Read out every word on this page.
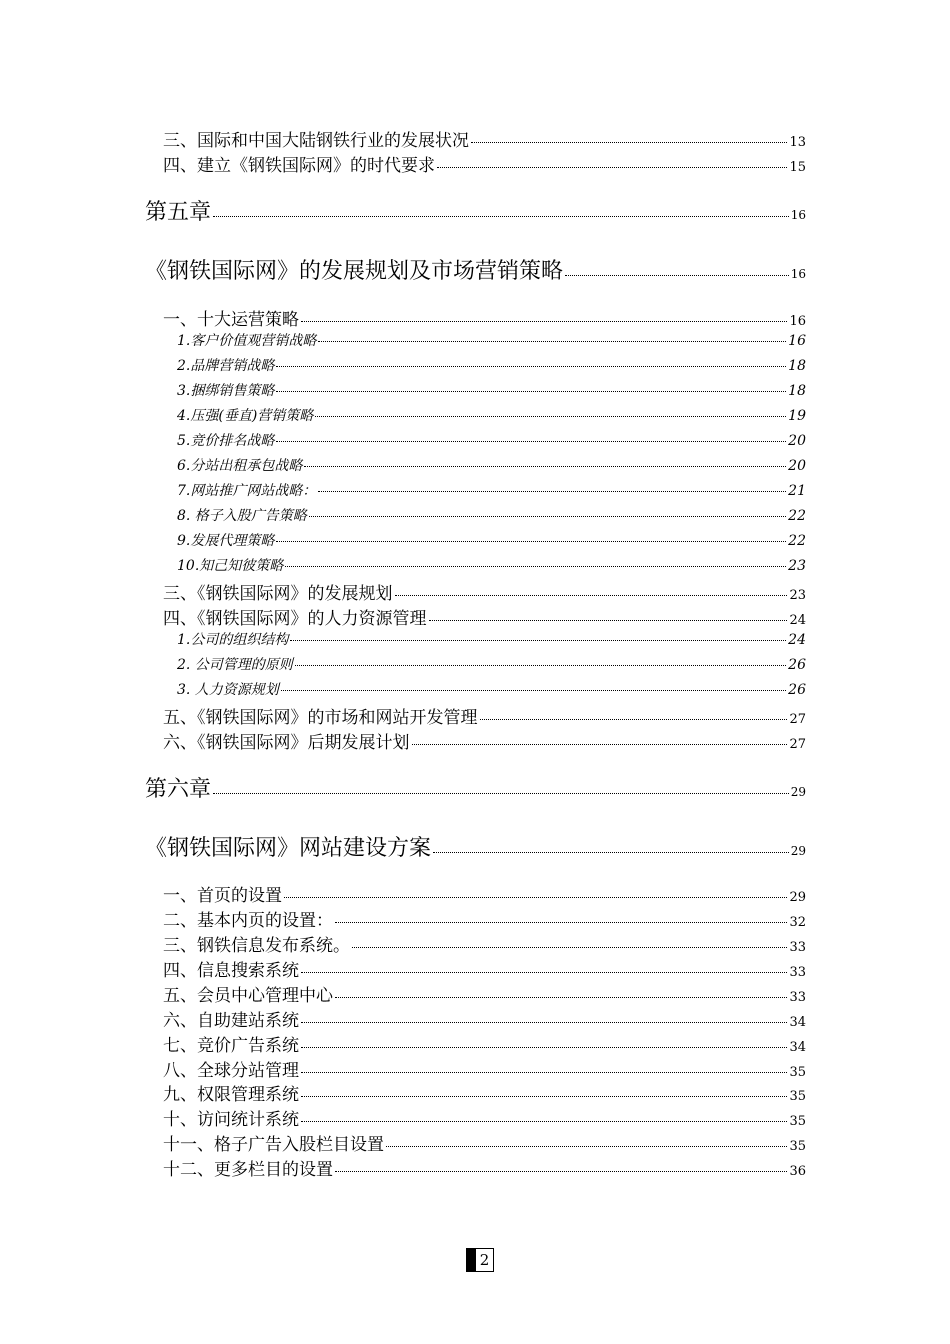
三、国际和中国大陆钢铁行业的发展状况	13
四、建立《钢铁国际网》的时代要求	15
第五章	16
《钢铁国际网》的发展规划及市场营销策略	16
一、十大运营策略	16
1.客户价值观营销战略	16
2.品牌营销战略	18
3.捆绑销售策略	18
4.压强(垂直)营销策略	19
5.竞价排名战略	20
6.分站出租承包战略	20
7.网站推广网站战略：	21
8. 格子入股广告策略	22
9.发展代理策略	22
10.知己知彼策略	23
三、《钢铁国际网》的发展规划	23
四、《钢铁国际网》的人力资源管理	24
1.公司的组织结构	24
2. 公司管理的原则	26
3. 人力资源规划	26
五、《钢铁国际网》的市场和网站开发管理	27
六、《钢铁国际网》后期发展计划	27
第六章	29
《钢铁国际网》网站建设方案	29
一、首页的设置	29
二、基本内页的设置：	32
三、钢铁信息发布系统。	33
四、信息搜索系统	33
五、会员中心管理中心	33
六、自助建站系统	34
七、竞价广告系统	34
八、全球分站管理	35
九、权限管理系统	35
十、访问统计系统	35
十一、格子广告入股栏目设置	35
十二、更多栏目的设置	36
2
